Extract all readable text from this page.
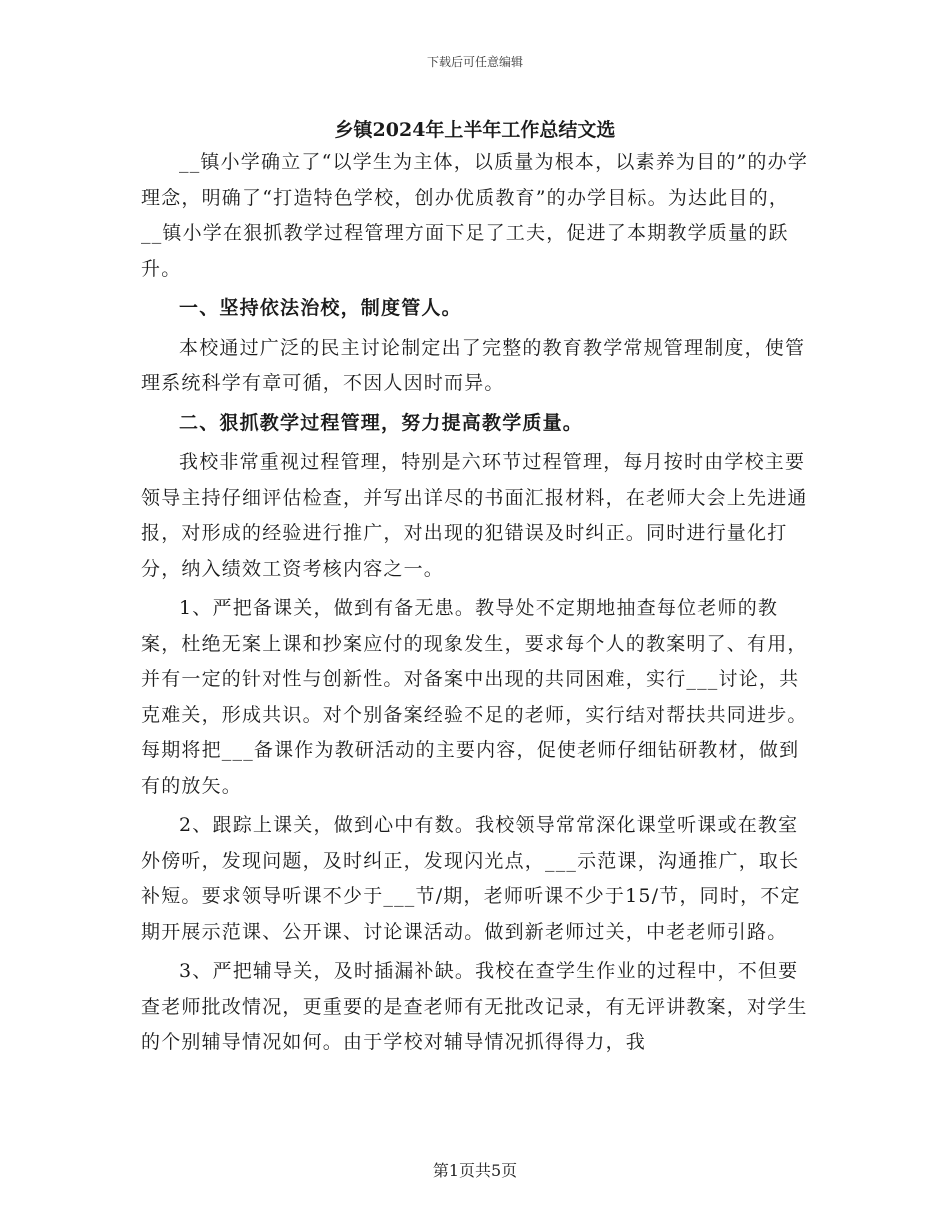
下载后可任意编辑
乡镇2024年上半年工作总结文选

__镇小学确立了“以学生为主体，以质量为根本，以素养为目的”的办学理念，明确了“打造特色学校，创办优质教育”的办学目标。为达此目的，__镇小学在狠抓教学过程管理方面下足了工夫，促进了本期教学质量的跃升。

一、坚持依法治校，制度管人。

本校通过广泛的民主讨论制定出了完整的教育教学常规管理制度，使管理系统科学有章可循，不因人因时而异。

二、狠抓教学过程管理，努力提高教学质量。

我校非常重视过程管理，特别是六环节过程管理，每月按时由学校主要领导主持仔细评估检查，并写出详尽的书面汇报材料，在老师大会上先进通报，对形成的经验进行推广，对出现的犯错误及时纠正。同时进行量化打分，纳入绩效工资考核内容之一。

1、严把备课关，做到有备无患。教导处不定期地抽查每位老师的教案，杜绝无案上课和抄案应付的现象发生，要求每个人的教案明了、有用，并有一定的针对性与创新性。对备案中出现的共同困难，实行___讨论，共克难关，形成共识。对个别备案经验不足的老师，实行结对帮扶共同进步。每期将把___备课作为教研活动的主要内容，促使老师仔细钻研教材，做到有的放矢。

2、跟踪上课关，做到心中有数。我校领导常常深化课堂听课或在教室外傍听，发现问题，及时纠正，发现闪光点，___示范课，沟通推广，取长补短。要求领导听课不少于___节/期，老师听课不少于15/节，同时，不定期开展示范课、公开课、讨论课活动。做到新老师过关，中老老师引路。

3、严把辅导关，及时插漏补缺。我校在查学生作业的过程中，不但要查老师批改情况，更重要的是查老师有无批改记录，有无评讲教案，对学生的个别辅导情况如何。由于学校对辅导情况抓得得力，我

第1页共5页
